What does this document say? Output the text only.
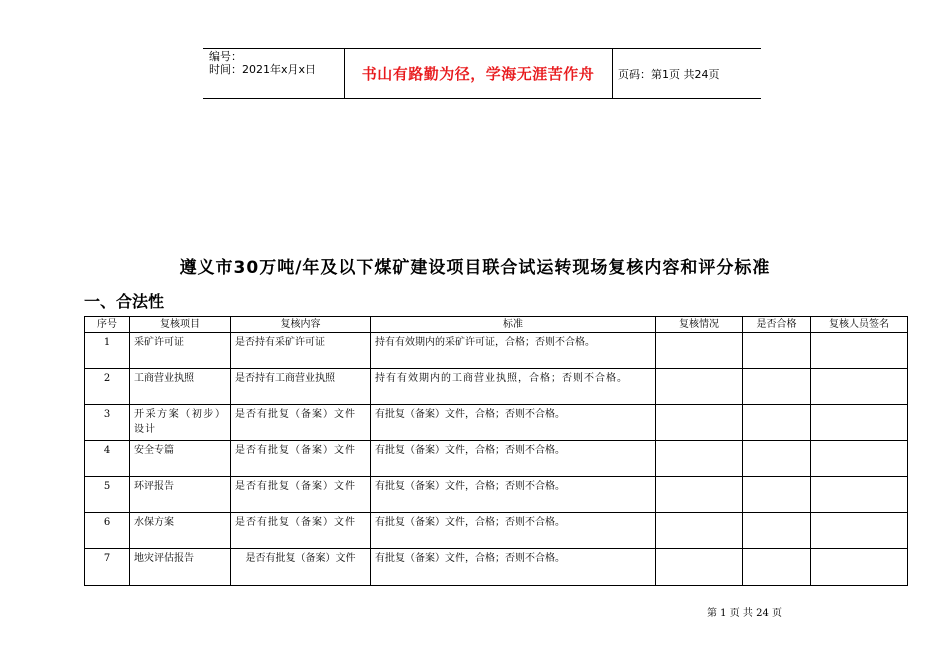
编号：
时间：2021年x月x日	书山有路勤为径，学海无涯苦作舟	页码：第1页 共24页
遵义市30万吨/年及以下煤矿建设项目联合试运转现场复核内容和评分标准
一、合法性
序号	复核项目	复核内容	标准	复核情况	是否合格	复核人员签名
1	采矿许可证	是否持有采矿许可证	持有有效期内的采矿许可证，合格；否则不合格。			
2	工商营业执照	是否持有工商营业执照	持有有效期内的工商营业执照，合格；否则不合格。			
3	开采方案（初步）设计	是否有批复（备案）文件	有批复（备案）文件，合格；否则不合格。			
4	安全专篇	是否有批复（备案）文件	有批复（备案）文件，合格；否则不合格。			
5	环评报告	是否有批复（备案）文件	有批复（备案）文件，合格；否则不合格。			
6	水保方案	是否有批复（备案）文件	有批复（备案）文件，合格；否则不合格。			
7	地灾评估报告	是否有批复（备案）文件	有批复（备案）文件，合格；否则不合格。			
第 1 页 共 24 页
